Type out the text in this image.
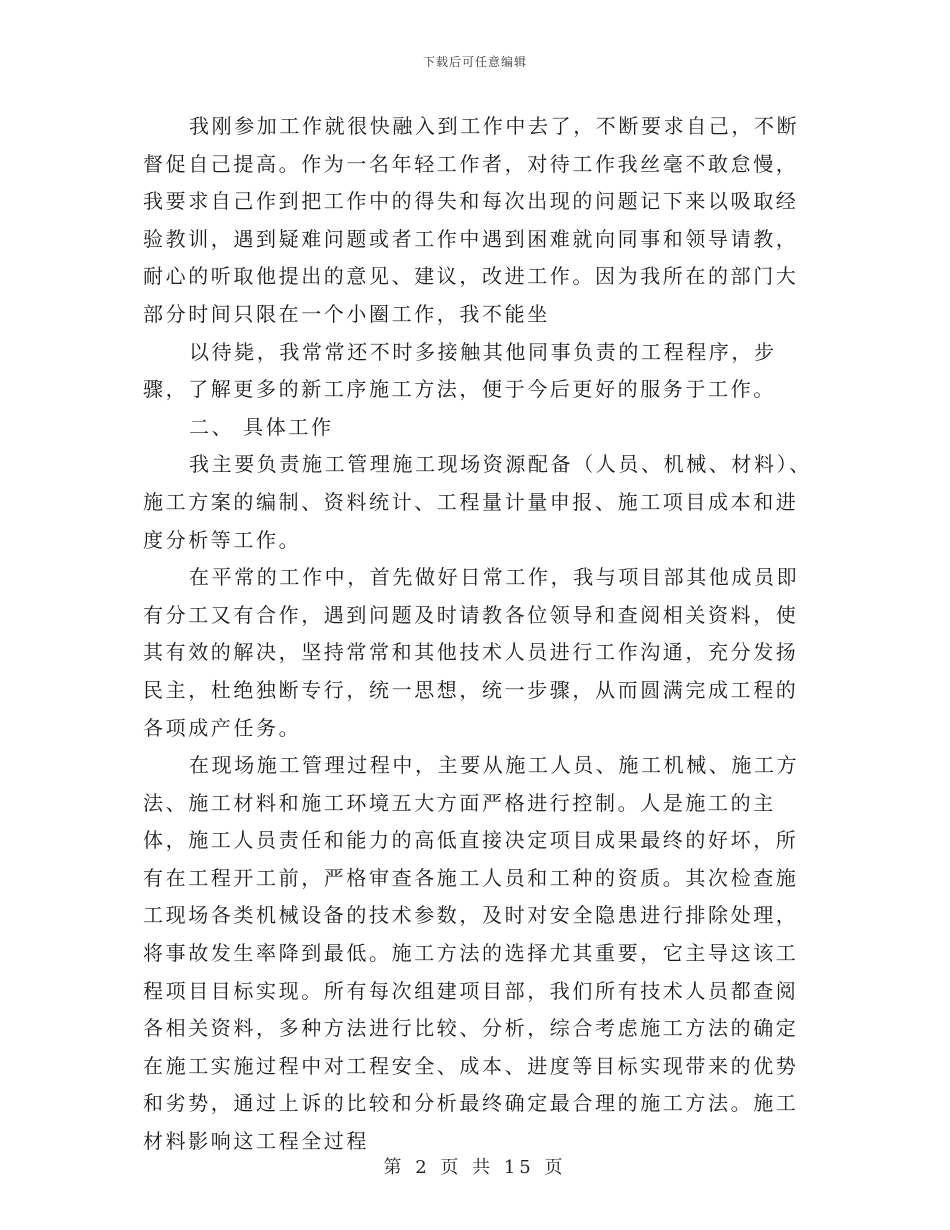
下载后可任意编辑

我刚参加工作就很快融入到工作中去了，不断要求自己，不断督促自己提高。作为一名年轻工作者，对待工作我丝毫不敢怠慢，我要求自己作到把工作中的得失和每次出现的问题记下来以吸取经验教训，遇到疑难问题或者工作中遇到困难就向同事和领导请教，耐心的听取他提出的意见、建议，改进工作。因为我所在的部门大部分时间只限在一个小圈工作，我不能坐

以待毙，我常常还不时多接触其他同事负责的工程程序，步骤，了解更多的新工序施工方法，便于今后更好的服务于工作。

二、 具体工作

我主要负责施工管理施工现场资源配备（人员、机械、材料）、施工方案的编制、资料统计、工程量计量申报、施工项目成本和进度分析等工作。

在平常的工作中，首先做好日常工作，我与项目部其他成员即有分工又有合作，遇到问题及时请教各位领导和查阅相关资料，使其有效的解决，坚持常常和其他技术人员进行工作沟通，充分发扬民主，杜绝独断专行，统一思想，统一步骤，从而圆满完成工程的各项成产任务。

在现场施工管理过程中，主要从施工人员、施工机械、施工方法、施工材料和施工环境五大方面严格进行控制。人是施工的主体，施工人员责任和能力的高低直接决定项目成果最终的好坏，所有在工程开工前，严格审查各施工人员和工种的资质。其次检查施工现场各类机械设备的技术参数，及时对安全隐患进行排除处理，将事故发生率降到最低。施工方法的选择尤其重要，它主导这该工程项目目标实现。所有每次组建项目部，我们所有技术人员都查阅各相关资料，多种方法进行比较、分析，综合考虑施工方法的确定在施工实施过程中对工程安全、成本、进度等目标实现带来的优势和劣势，通过上诉的比较和分析最终确定最合理的施工方法。施工材料影响这工程全过程

第 2 页 共 15 页
